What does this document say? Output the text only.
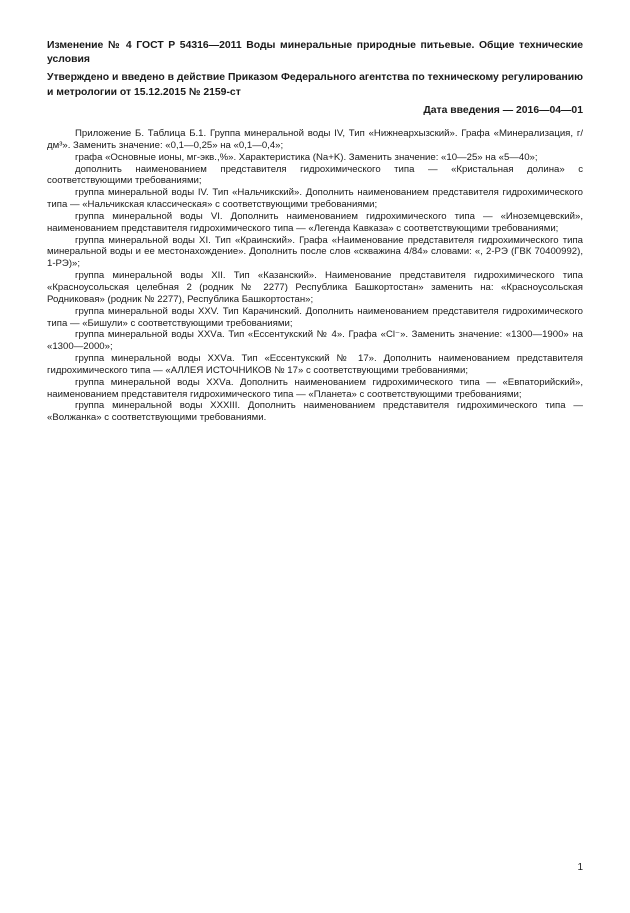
Изменение № 4 ГОСТ Р 54316—2011 Воды минеральные природные питьевые. Общие технические условия

Утверждено и введено в действие Приказом Федерального агентства по техническому регулированию и метрологии от 15.12.2015 № 2159-ст

Дата введения — 2016—04—01

Приложение Б. Таблица Б.1. Группа минеральной воды IV, Тип «Нижнеархызский». Графа «Минерализация, г/дм³». Заменить значение: «0,1—0,25» на «0,1—0,4»;

графа «Основные ионы, мг-экв.,%». Характеристика (Na+K). Заменить значение: «10—25» на «5—40»;

дополнить наименованием представителя гидрохимического типа — «Кристальная долина» с соответствующими требованиями;

группа минеральной воды IV. Тип «Нальчикский». Дополнить наименованием представителя гидрохимического типа — «Нальчикская классическая» с соответствующими требованиями;

группа минеральной воды VI. Дополнить наименованием гидрохимического типа — «Иноземцевский», наименованием представителя гидрохимического типа — «Легенда Кавказа» с соответствующими требованиями;

группа минеральной воды XI. Тип «Краинский». Графа «Наименование представителя гидрохимического типа минеральной воды и ее местонахождение». Дополнить после слов «скважина 4/84» словами: «, 2-РЭ (ГВК 70400992), 1-РЭ)»;

группа минеральной воды XII. Тип «Казанский». Наименование представителя гидрохимического типа «Красноусольская целебная 2 (родник № 2277) Республика Башкортостан» заменить на: «Красноусольская Родниковая» (родник № 2277), Республика Башкортостан»;

группа минеральной воды XXV. Тип Карачинский. Дополнить наименованием представителя гидрохимического типа — «Бишули» с соответствующими требованиями;

группа минеральной воды XXVа. Тип «Ессентукский № 4». Графа «Cl⁻». Заменить значение: «1300—1900» на «1300—2000»;

группа минеральной воды XXVа. Тип «Ессентукский № 17». Дополнить наименованием представителя гидрохимического типа — «АЛЛЕЯ ИСТОЧНИКОВ № 17» с соответствующими требованиями;

группа минеральной воды XXVа. Дополнить наименованием гидрохимического типа — «Евпаторийский», наименованием представителя гидрохимического типа — «Планета» с соответствующими требованиями;

группа минеральной воды XXXIII. Дополнить наименованием представителя гидрохимического типа — «Волжанка» с соответствующими требованиями.

1
